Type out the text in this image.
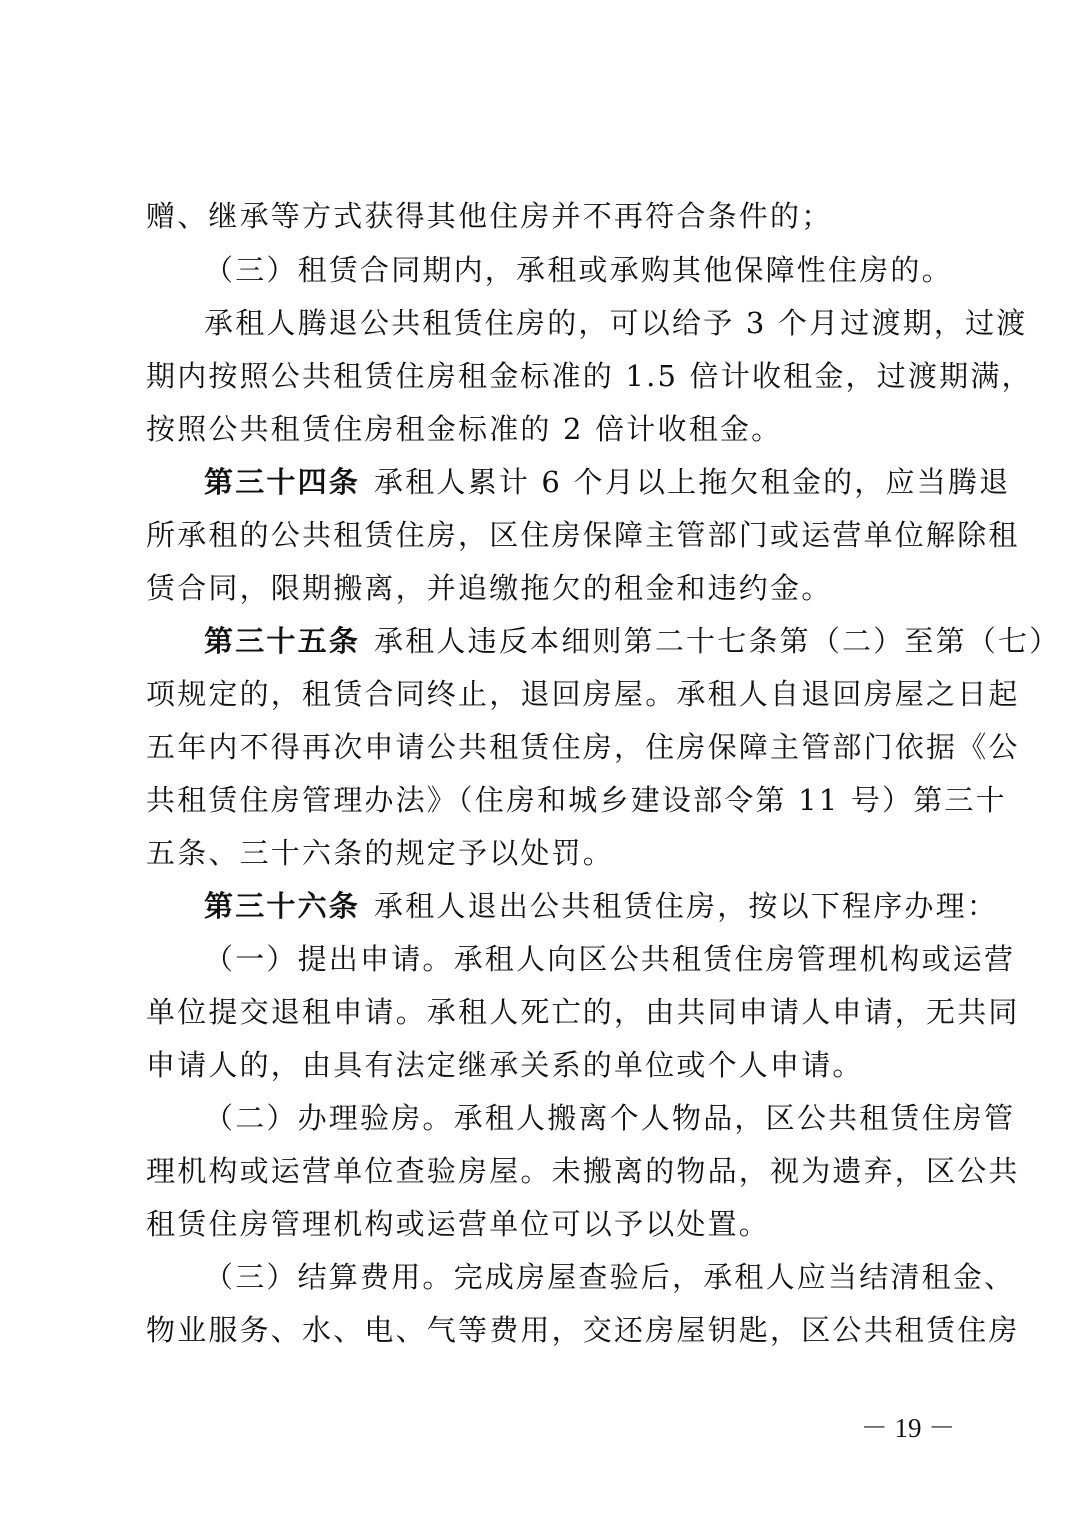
赠、继承等方式获得其他住房并不再符合条件的；
（三）租赁合同期内，承租或承购其他保障性住房的。
承租人腾退公共租赁住房的，可以给予 3 个月过渡期，过渡
期内按照公共租赁住房租金标准的 1.5 倍计收租金，过渡期满，
按照公共租赁住房租金标准的 2 倍计收租金。
第三十四条 承租人累计 6 个月以上拖欠租金的，应当腾退
所承租的公共租赁住房，区住房保障主管部门或运营单位解除租
赁合同，限期搬离，并追缴拖欠的租金和违约金。
第三十五条 承租人违反本细则第二十七条第（二）至第（七）
项规定的，租赁合同终止，退回房屋。承租人自退回房屋之日起
五年内不得再次申请公共租赁住房，住房保障主管部门依据《公
共租赁住房管理办法》（住房和城乡建设部令第 11 号）第三十
五条、三十六条的规定予以处罚。
第三十六条 承租人退出公共租赁住房，按以下程序办理：
（一）提出申请。承租人向区公共租赁住房管理机构或运营
单位提交退租申请。承租人死亡的，由共同申请人申请，无共同
申请人的，由具有法定继承关系的单位或个人申请。
（二）办理验房。承租人搬离个人物品，区公共租赁住房管
理机构或运营单位查验房屋。未搬离的物品，视为遗弃，区公共
租赁住房管理机构或运营单位可以予以处置。
（三）结算费用。完成房屋查验后，承租人应当结清租金、
物业服务、水、电、气等费用，交还房屋钥匙，区公共租赁住房
－ 19 －
